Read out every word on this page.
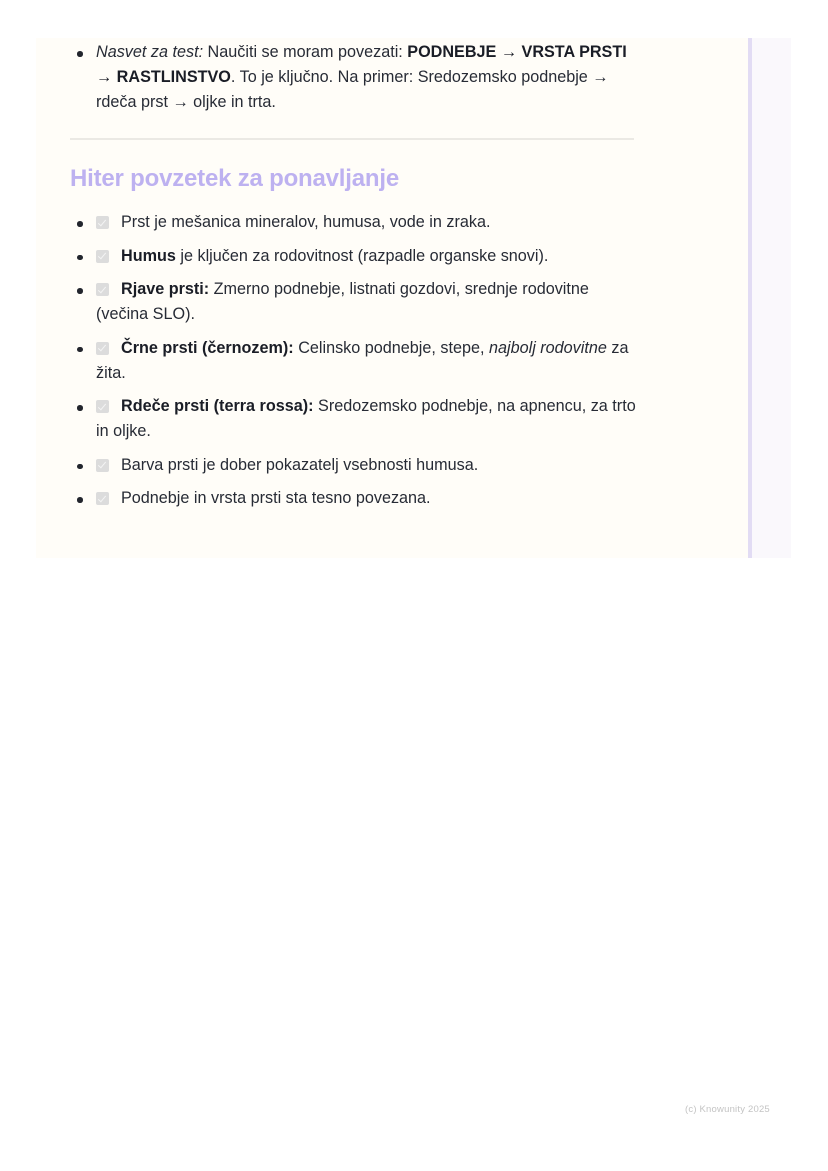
Nasvet za test: Naučiti se moram povezati: PODNEBJE → VRSTA PRSTI → RASTLINSTVO. To je ključno. Na primer: Sredozemsko podnebje → rdeča prst → oljke in trta.
Hiter povzetek za ponavljanje
Prst je mešanica mineralov, humusa, vode in zraka.
Humus je ključen za rodovitnost (razpadle organske snovi).
Rjave prsti: Zmerno podnebje, listnati gozdovi, srednje rodovitne (večina SLO).
Črne prsti (černozem): Celinsko podnebje, stepe, najbolj rodovitne za žita.
Rdeče prsti (terra rossa): Sredozemsko podnebje, na apnencu, za trto in oljke.
Barva prsti je dober pokazatelj vsebnosti humusa.
Podnebje in vrsta prsti sta tesno povezana.
(c) Knowunity 2025
